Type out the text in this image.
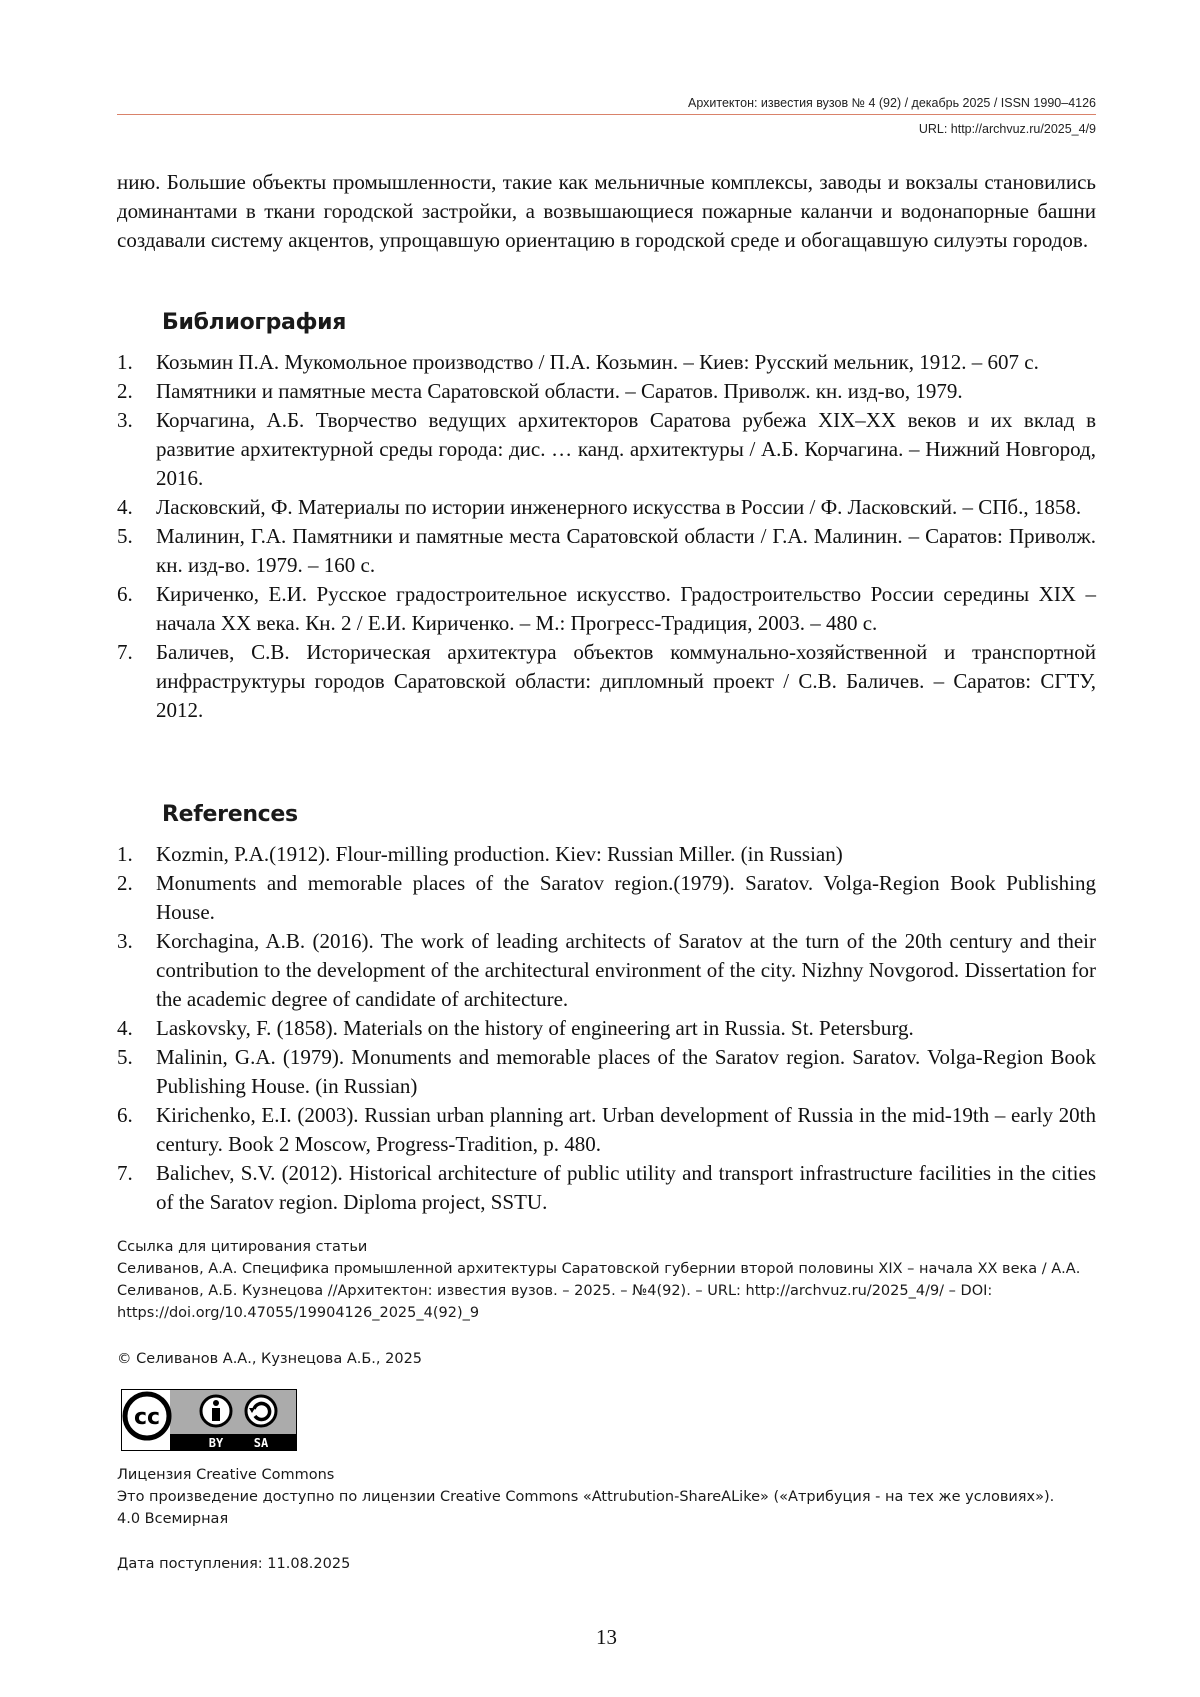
Архитектон: известия вузов № 4 (92) / декабрь 2025 / ISSN 1990–4126
URL: http://archvuz.ru/2025_4/9

нию. Большие объекты промышленности, такие как мельничные комплексы, заводы и вокзалы становились доминантами в ткани городской застройки, а возвышающиеся пожарные каланчи и водонапорные башни создавали систему акцентов, упрощавшую ориентацию в городской среде и обогащавшую силуэты городов.

Библиография
1. Козьмин П.А. Мукомольное производство / П.А. Козьмин. – Киев: Русский мельник, 1912. – 607 с.
2. Памятники и памятные места Саратовской области. – Саратов. Приволж. кн. изд-во, 1979.
3. Корчагина, А.Б. Творчество ведущих архитекторов Саратова рубежа XIX–XX веков и их вклад в развитие архитектурной среды города: дис. … канд. архитектуры / А.Б. Корчагина. – Нижний Новгород, 2016.
4. Ласковский, Ф. Материалы по истории инженерного искусства в России / Ф. Ласковский. – СПб., 1858.
5. Малинин, Г.А. Памятники и памятные места Саратовской области / Г.А. Малинин. – Саратов: Приволж. кн. изд-во. 1979. – 160 с.
6. Кириченко, Е.И. Русское градостроительное искусство. Градостроительство России середины XIX – начала XX века. Кн. 2 / Е.И. Кириченко. – М.: Прогресс-Традиция, 2003. – 480 с.
7. Баличев, С.В. Историческая архитектура объектов коммунально-хозяйственной и транспортной инфраструктуры городов Саратовской области: дипломный проект / С.В. Баличев. – Саратов: СГТУ, 2012.
References
1. Kozmin, P.A.(1912). Flour-milling production. Kiev: Russian Miller. (in Russian)
2. Monuments and memorable places of the Saratov region.(1979). Saratov. Volga-Region Book Publishing House.
3. Korchagina, A.B. (2016). The work of leading architects of Saratov at the turn of the 20th century and their contribution to the development of the architectural environment of the city. Nizhny Novgorod. Dissertation for the academic degree of candidate of architecture.
4. Laskovsky, F. (1858). Materials on the history of engineering art in Russia. St. Petersburg.
5. Malinin, G.A. (1979). Monuments and memorable places of the Saratov region. Saratov. Volga-Region Book Publishing House. (in Russian)
6. Kirichenko, E.I. (2003). Russian urban planning art. Urban development of Russia in the mid-19th – early 20th century. Book 2 Moscow, Progress-Tradition, p. 480.
7. Balichev, S.V. (2012). Historical architecture of public utility and transport infrastructure facilities in the cities of the Saratov region. Diploma project, SSTU.
Ссылка для цитирования статьи
Селиванов, А.А. Специфика промышленной архитектуры Саратовской губернии второй половины XIX – начала XX века / А.А. Селиванов, А.Б. Кузнецова //Архитектон: известия вузов. – 2025. – №4(92). – URL: http://archvuz.ru/2025_4/9/ – DOI: https://doi.org/10.47055/19904126_2025_4(92)_9
© Селиванов А.А., Кузнецова А.Б., 2025
cc
BY	SA
Лицензия Creative Commons
Это произведение доступно по лицензии Creative Commons «Attrubution-ShareALike» («Атрибуция - на тех же условиях»).
4.0 Всемирная
Дата поступления: 11.08.2025
13
